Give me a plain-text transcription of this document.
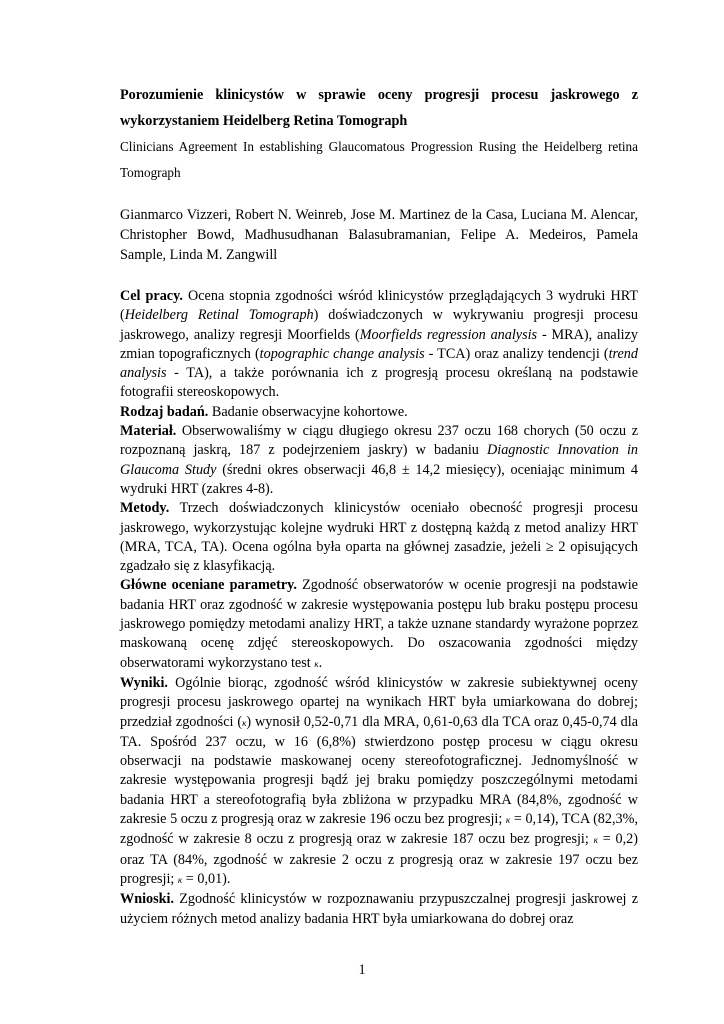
Porozumienie klinicystów w sprawie oceny progresji procesu jaskrowego z wykorzystaniem Heidelberg Retina Tomograph

Clinicians Agreement In establishing Glaucomatous Progression Rusing the Heidelberg retina Tomograph

Gianmarco Vizzeri, Robert N. Weinreb, Jose M. Martinez de la Casa, Luciana M. Alencar, Christopher Bowd, Madhusudhanan Balasubramanian, Felipe A. Medeiros, Pamela Sample, Linda M. Zangwill

Cel pracy. Ocena stopnia zgodności wśród klinicystów przeglądających 3 wydruki HRT (Heidelberg Retinal Tomograph) doświadczonych w wykrywaniu progresji procesu jaskrowego, analizy regresji Moorfields (Moorfields regression analysis - MRA), analizy zmian topograficznych (topographic change analysis - TCA) oraz analizy tendencji (trend analysis - TA), a także porównania ich z progresją procesu określaną na podstawie fotografii stereoskopowych.

Rodzaj badań. Badanie obserwacyjne kohortowe.

Materiał. Obserwowaliśmy w ciągu długiego okresu 237 oczu 168 chorych (50 oczu z rozpoznaną jaskrą, 187 z podejrzeniem jaskry) w badaniu Diagnostic Innovation in Glaucoma Study (średni okres obserwacji 46,8 ± 14,2 miesięcy), oceniając minimum 4 wydruki HRT (zakres 4-8).

Metody. Trzech doświadczonych klinicystów oceniało obecność progresji procesu jaskrowego, wykorzystując kolejne wydruki HRT z dostępną każdą z metod analizy HRT (MRA, TCA, TA). Ocena ogólna była oparta na głównej zasadzie, jeżeli ≥ 2 opisujących zgadzało się z klasyfikacją.

Główne oceniane parametry. Zgodność obserwatorów w ocenie progresji na podstawie badania HRT oraz zgodność w zakresie występowania postępu lub braku postępu procesu jaskrowego pomiędzy metodami analizy HRT, a także uznane standardy wyrażone poprzez maskowaną ocenę zdjęć stereoskopowych. Do oszacowania zgodności między obserwatorami wykorzystano test κ.

Wyniki. Ogólnie biorąc, zgodność wśród klinicystów w zakresie subiektywnej oceny progresji procesu jaskrowego opartej na wynikach HRT była umiarkowana do dobrej; przedział zgodności (κ) wynosił 0,52-0,71 dla MRA, 0,61-0,63 dla TCA oraz 0,45-0,74 dla TA. Spośród 237 oczu, w 16 (6,8%) stwierdzono postęp procesu w ciągu okresu obserwacji na podstawie maskowanej oceny stereofotograficznej. Jednomyślność w zakresie występowania progresji bądź jej braku pomiędzy poszczególnymi metodami badania HRT a stereofotografią była zbliżona w przypadku MRA (84,8%, zgodność w zakresie 5 oczu z progresją oraz w zakresie 196 oczu bez progresji; κ = 0,14), TCA (82,3%, zgodność w zakresie 8 oczu z progresją oraz w zakresie 187 oczu bez progresji; κ = 0,2) oraz TA (84%, zgodność w zakresie 2 oczu z progresją oraz w zakresie 197 oczu bez progresji; κ = 0,01).

Wnioski. Zgodność klinicystów w rozpoznawaniu przypuszczalnej progresji jaskrowej z użyciem różnych metod analizy badania HRT była umiarkowana do dobrej oraz

1
